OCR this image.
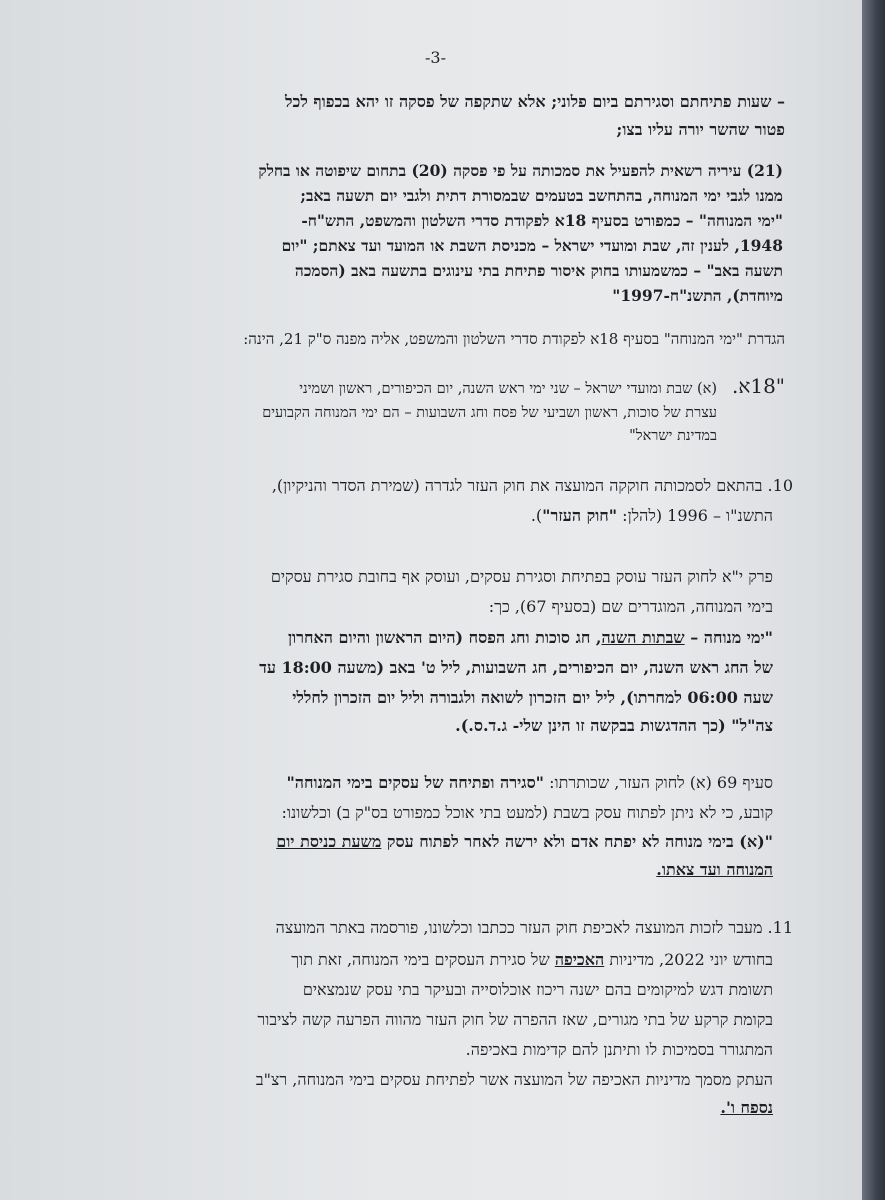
-3-
– שעות פתיחתם וסגירתם ביום פלוני; אלא שתקפה של פסקה זו יהא בכפוף לכל
פטור שהשר יורה עליו בצו;
(21) עיריה רשאית להפעיל את סמכותה על פי פסקה (20) בתחום שיפוטה או בחלק
ממנו לגבי ימי המנוחה, בהתחשב בטעמים שבמסורת דתית ולגבי יום תשעה באב;
"ימי המנוחה" – כמפורט בסעיף 18א לפקודת סדרי השלטון והמשפט, התש"ח-
1948, לענין זה, שבת ומועדי ישראל – מכניסת השבת או המועד ועד צאתם; "יום
תשעה באב" – כמשמעותו בחוק איסור פתיחת בתי עינוגים בתשעה באב (הסמכה
מיוחדת), התשנ"ח-1997"
הגדרת "ימי המנוחה" בסעיף 18א לפקודת סדרי השלטון והמשפט, אליה מפנה ס"ק 21, הינה:
"18א.
(א) שבת ומועדי ישראל – שני ימי ראש השנה, יום הכיפורים, ראשון ושמיני
עצרת של סוכות, ראשון ושביעי של פסח וחג השבועות – הם ימי המנוחה הקבועים
במדינת ישראל"
10. בהתאם לסמכותה חוקקה המועצה את חוק העזר לגדרה (שמירת הסדר והניקיון),
התשנ"ו – 1996 (להלן: "חוק העזר").
פרק י"א לחוק העזר עוסק בפתיחת וסגירת עסקים, ועוסק אף בחובת סגירת עסקים
בימי המנוחה, המוגדרים שם (בסעיף 67), כך:
"ימי מנוחה – שבתות השנה, חג סוכות וחג הפסח (היום הראשון והיום האחרון
של החג ראש השנה, יום הכיפורים, חג השבועות, ליל ט' באב (משעה 18:00 עד
שעה 06:00 למחרתו), ליל יום הזכרון לשואה ולגבורה וליל יום הזכרון לחללי
צה"ל" (כך ההדגשות בבקשה זו הינן שלי- ג.ד.ס.).
סעיף 69 (א) לחוק העזר, שכותרתו: "סגירה ופתיחה של עסקים בימי המנוחה"
קובע, כי לא ניתן לפתוח עסק בשבת (למעט בתי אוכל כמפורט בס"ק ב) וכלשונו:
"(א) בימי מנוחה לא יפתח אדם ולא ירשה לאחר לפתוח עסק משעת כניסת יום
המנוחה ועד צאתו.
11. מעבר לזכות המועצה לאכיפת חוק העזר ככתבו וכלשונו, פורסמה באתר המועצה
בחודש יוני 2022, מדיניות האכיפה של סגירת העסקים בימי המנוחה, זאת תוך
תשומת דגש למיקומים בהם ישנה ריכוז אוכלוסייה ובעיקר בתי עסק שנמצאים
בקומת קרקע של בתי מגורים, שאז ההפרה של חוק העזר מהווה הפרעה קשה לציבור
המתגורר בסמיכות לו ותיתנן להם קדימות באכיפה.
העתק מסמך מדיניות האכיפה של המועצה אשר לפתיחת עסקים בימי המנוחה, רצ"ב
נספח ו'.
